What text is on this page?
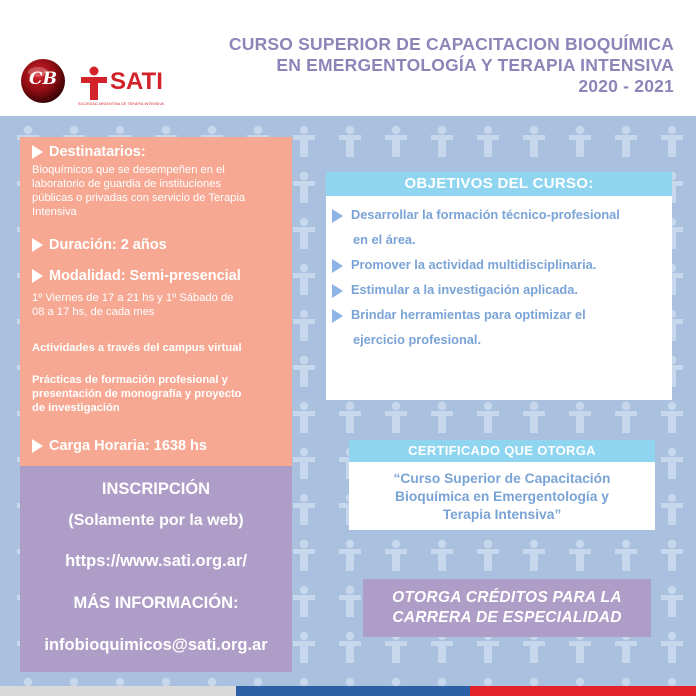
CURSO SUPERIOR DE CAPACITACION BIOQUÍMICA
EN EMERGENTOLOGÍA Y TERAPIA INTENSIVA
2020 - 2021
CB	SATI
SOCIEDAD ARGENTINA DE TERAPIA INTENSIVA
Destinatarios:
Bioquímicos que se desempeñen en el
laboratorio de guardia de instituciones
públicas o privadas con servicio de Terapia
Intensiva
Duración: 2 años
Modalidad: Semi-presencial
1º Viernes de 17 a 21 hs y 1º Sábado de
08 a 17 hs, de cada mes
Actividades a través del campus virtual
Prácticas de formación profesional y
presentación de monografía y proyecto
de investigación
Carga Horaria: 1638 hs
INSCRIPCIÓN
(Solamente por la web)
https://www.sati.org.ar/
MÁS INFORMACIÓN:
infobioquimicos@sati.org.ar
OBJETIVOS DEL CURSO:
Desarrollar la formación técnico-profesional
en el área.
Promover la actividad multidisciplinaria.
Estimular a la investigación aplicada.
Brindar herramientas para optimizar el
ejercicio profesional.
CERTIFICADO QUE OTORGA
“Curso Superior de Capacitación
Bioquímica en Emergentología y
Terapia Intensiva”
OTORGA CRÉDITOS PARA LA
CARRERA DE ESPECIALIDAD
